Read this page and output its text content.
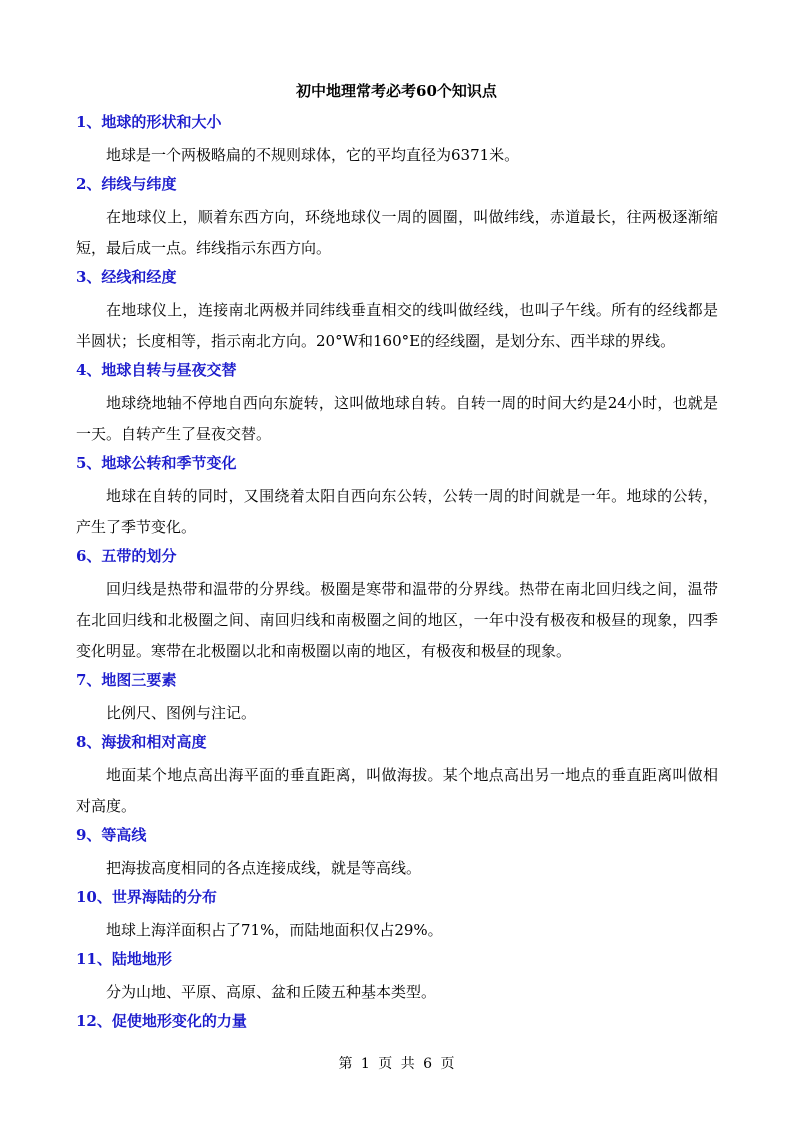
初中地理常考必考60个知识点
1、地球的形状和大小
地球是一个两极略扁的不规则球体，它的平均直径为6371米。
2、纬线与纬度
在地球仪上，顺着东西方向，环绕地球仪一周的圆圈，叫做纬线，赤道最长，往两极逐渐缩短，最后成一点。纬线指示东西方向。
3、经线和经度
在地球仪上，连接南北两极并同纬线垂直相交的线叫做经线，也叫子午线。所有的经线都是半圆状；长度相等，指示南北方向。20°W和160°E的经线圈，是划分东、西半球的界线。
4、地球自转与昼夜交替
地球绕地轴不停地自西向东旋转，这叫做地球自转。自转一周的时间大约是24小时，也就是一天。自转产生了昼夜交替。
5、地球公转和季节变化
地球在自转的同时，又围绕着太阳自西向东公转，公转一周的时间就是一年。地球的公转，产生了季节变化。
6、五带的划分
回归线是热带和温带的分界线。极圈是寒带和温带的分界线。热带在南北回归线之间，温带在北回归线和北极圈之间、南回归线和南极圈之间的地区，一年中没有极夜和极昼的现象，四季变化明显。寒带在北极圈以北和南极圈以南的地区，有极夜和极昼的现象。
7、地图三要素
比例尺、图例与注记。
8、海拔和相对高度
地面某个地点高出海平面的垂直距离，叫做海拔。某个地点高出另一地点的垂直距离叫做相对高度。
9、等高线
把海拔高度相同的各点连接成线，就是等高线。
10、世界海陆的分布
地球上海洋面积占了71%，而陆地面积仅占29%。
11、陆地地形
分为山地、平原、高原、盆和丘陵五种基本类型。
12、促使地形变化的力量
第 1 页 共 6 页
